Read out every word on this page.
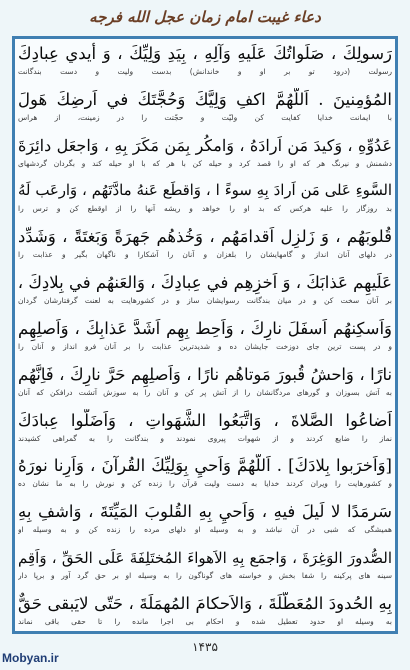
دعاء غیبت امام زمان عجل الله فرجه
رَسولِكَ ، صَلَواتُكَ عَلَيهِ وَآلِهِ ، بِيَدِ وَلِيِّكَ ، وَ أَيدي عِبادِكَ
رسولت (درود تو بر او و خاندانش) بدست ولیت و دست بندگانت
المُؤمِنينَ . اَللّهُمَّ اكفِ وَلِيَّكَ وَحُجَّتَكَ في اَرضِكَ هَولَ
با ایمانت خدایا کفایت کن ولیّت و حجّتت را در زمینت، از هراس
عَدُوِّهِ ، وَكيدَ مَن اَرادَهُ ، وَامكُر بِمَن مَكَرَ بِهِ ، وَاجعَل دائِرَةَ
دشمنش و نیرنگ هر که او را قصد کرد و حیله کن با هر که با او حیله کند و بگردان گردشهای
السَّوءِ عَلى مَن اَرادَ بِهِ سوءً ا ، وَاقطَع عَنهُ مادَّتَهُم ، وَارعَب لَهُ
بد روزگار را علیه هرکس که بد او را خواهد و ریشه آنها را از اوقطع کن و ترس را
قُلوبَهُم ، وَ زَلزِل اَقدامَهُم ، وَخُذهُم جَهرَةً وَبَغتَةً ، وَشَدِّد
در دلهای آنان انداز و گامهایشان را بلغزان و آنان را آشکارا و ناگهان بگیر و عذابت را
عَلَيهِم عَذابَكَ ، وَ اَخزِهِم في عِبادِكَ ، وَالعَنهُم في بِلادِكَ ،
بر آنان سخت کن و در میان بندگانت رسوایشان ساز و در کشورهایت به لعنت گرفتارشان گردان
وَاَسكِنهُم اَسفَلَ نارِكَ ، وَاَحِط بِهِم اَشَدَّ عَذابِكَ ، وَاَصلِهِم
و در پست ترین جای دوزخت جایشان ده و شدیدترین عذابت را بر آنان فرو انداز و آنان را
نارًا ، وَاحشُ قُبورَ مَوتاهُم نارًا ، وَاَصلِهِم حَرَّ نارِكَ ، فَاِنَّهُم
به آتش بسوزان و گورهای مردگانشان را از آتش پر کن و آنان را به سوزش آتشت درافکن که آنان
اَضاعُوا الصَّلاةَ ، وَاتَّبَعُوا الشَّهَواتِ ، وَاَضَلّوا عِبادَكَ
نماز را ضایع کردند و از شهوات پیروی نمودند و بندگانت را به گمراهی کشیدند
[وَاَخرَبوا بِلادَكَ] . اَللّهُمَّ وَاَحيِ بِوَلِيِّكَ القُرآنَ ، وَاَرِنا نورَهُ
و کشورهایت را ویران کردند خدایا به دست ولیت قرآن را زنده کن و نورش را به ما نشان ده
سَرمَدًا لا لَيلَ فيهِ ، وَاَحيِ بِهِ القُلوبَ المَيِّتَةَ ، وَاشفِ بِهِ
همیشگی که شبی در آن نباشد و به وسیله او دلهای مرده را زنده کن و به وسیله او
الصُّدورَ الوَغِرَةَ ، وَاجمَع بِهِ الاَهواءَ المُختَلِفَةَ عَلَى الحَقِّ ، وَاَقِم
سینه های پرکینه را شفا بخش و خواسته های گوناگون را به وسیله او بر حق گرد آور و برپا دار
بِهِ الحُدودَ المُعَطَّلَةَ ، وَالاَحكامَ المُهمَلَةَ ، حَتّى لايَبقى حَقٌّ
به وسیله او حدود تعطیل شده و احکام بی اجرا مانده را تا حقی باقی نماند
۱۴۳۵
Mobyan.ir
